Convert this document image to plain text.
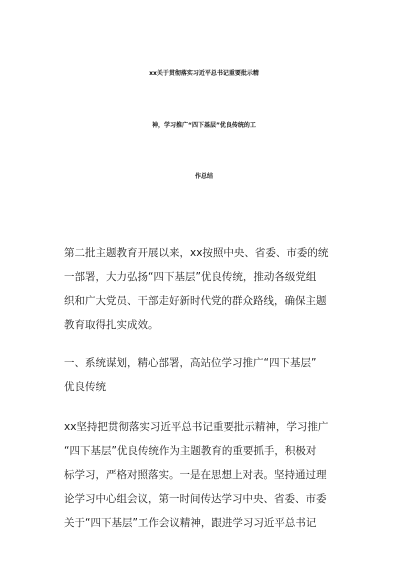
xx关于贯彻落实习近平总书记重要批示精
神，学习推广“四下基层”优良传统的工
作总结
第二批主题教育开展以来，xx按照中央、省委、市委的统
一部署，大力弘扬“四下基层”优良传统，推动各级党组
织和广大党员、干部走好新时代党的群众路线，确保主题
教育取得扎实成效。
一、系统谋划，精心部署，高站位学习推广“四下基层”
优良传统
xx坚持把贯彻落实习近平总书记重要批示精神，学习推广
“四下基层”优良传统作为主题教育的重要抓手，积极对
标学习，严格对照落实。一是在思想上对表。坚持通过理
论学习中心组会议，第一时间传达学习中央、省委、市委
关于“四下基层”工作会议精神，跟进学习习近平总书记
